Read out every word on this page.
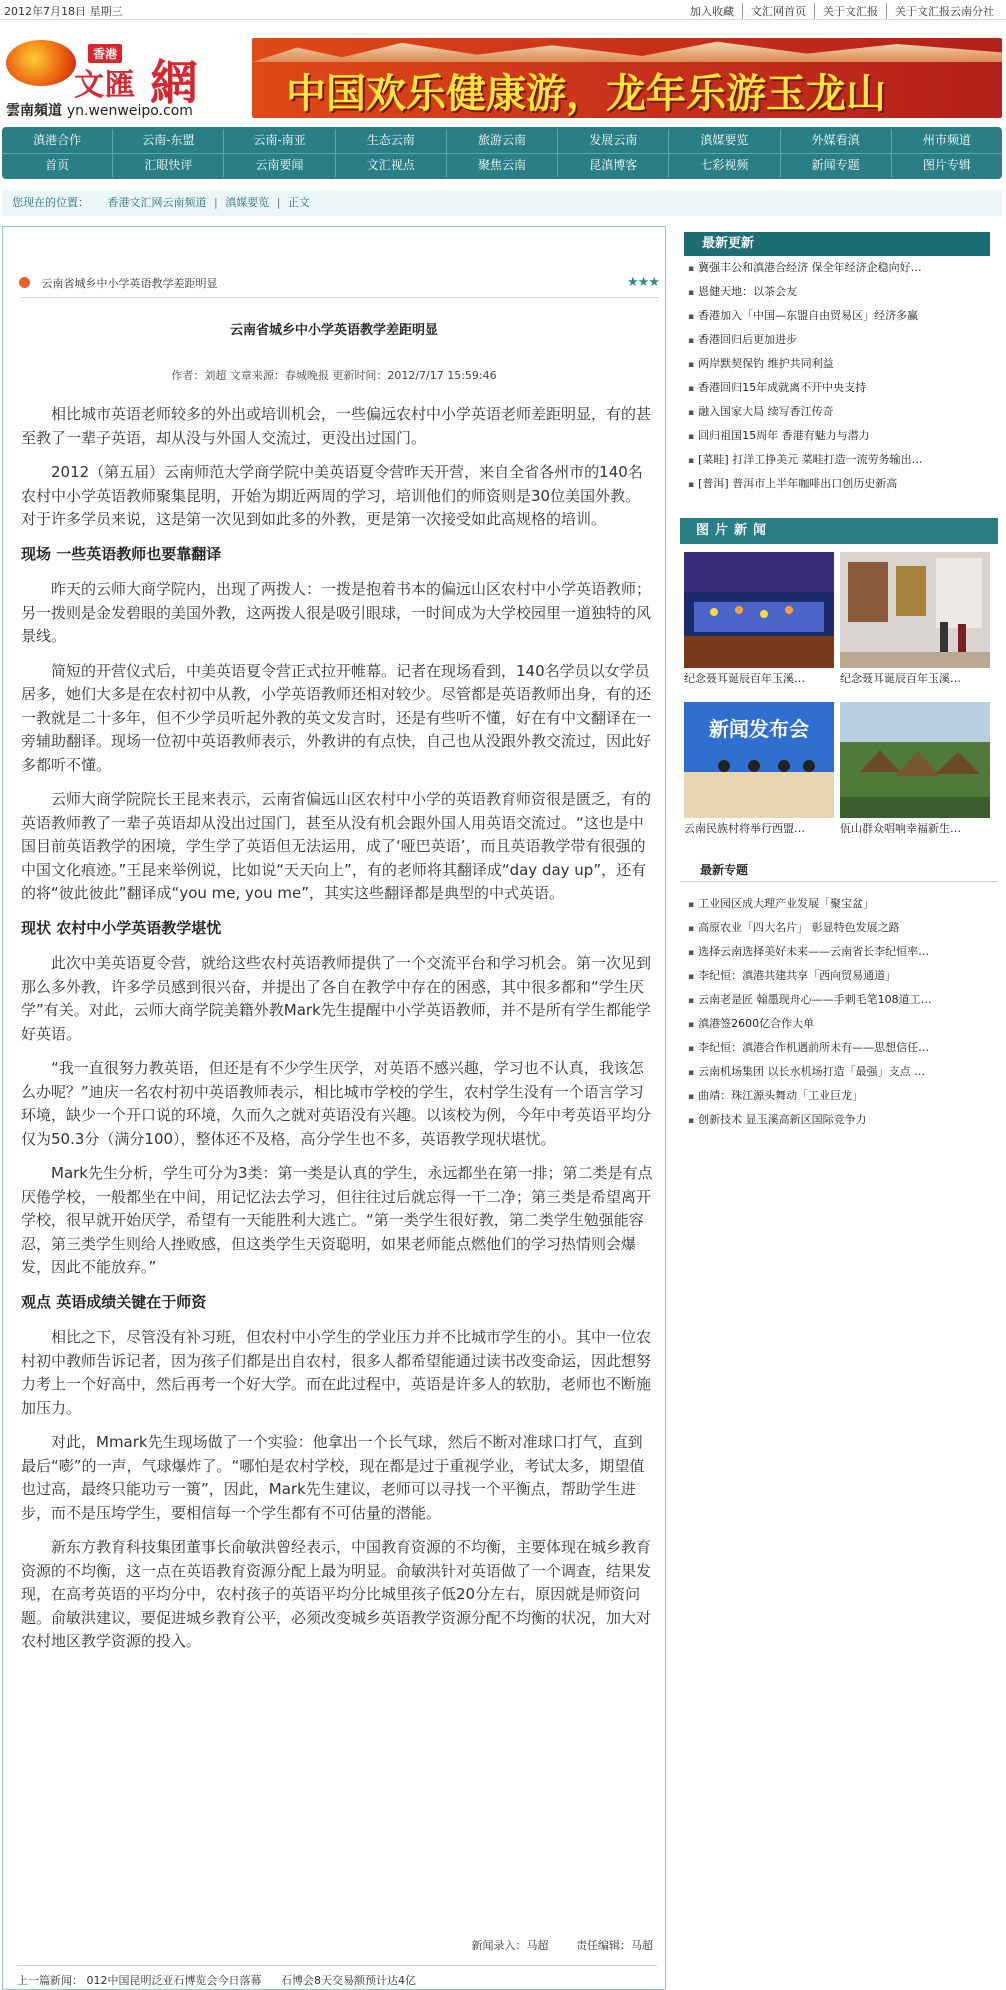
2012年7月18日 星期三	加入收藏	文汇网首页	关于文汇报	关于文汇报云南分社
香港
文匯 網
雲南頻道 yn.wenweipo.com 中国欢乐健康游，龙年乐游玉龙山
滇港合作	云南-东盟	云南-南亚	生态云南	旅游云南	发展云南	滇媒要览	外媒看滇	州市频道
首页	汇眼快评	云南要闻	文汇视点	聚焦云南	昆滇博客	七彩视频	新闻专题	图片专辑
您现在的位置： 香港文汇网云南频道 | 滇媒要览 | 正文
云南省城乡中小学英语教学差距明显	★★★
云南省城乡中小学英语教学差距明显
作者：刘超 文章来源：春城晚报 更新时间：2012/7/17 15:59:46

相比城市英语老师较多的外出或培训机会，一些偏远农村中小学英语老师差距明显，有的甚至教了一辈子英语，却从没与外国人交流过，更没出过国门。

2012（第五届）云南师范大学商学院中美英语夏令营昨天开营，来自全省各州市的140名农村中小学英语教师聚集昆明，开始为期近两周的学习，培训他们的师资则是30位美国外教。对于许多学员来说，这是第一次见到如此多的外教，更是第一次接受如此高规格的培训。

现场 一些英语教师也要靠翻译

昨天的云师大商学院内，出现了两拨人：一拨是抱着书本的偏远山区农村中小学英语教师；另一拨则是金发碧眼的美国外教，这两拨人很是吸引眼球，一时间成为大学校园里一道独特的风景线。

简短的开营仪式后，中美英语夏令营正式拉开帷幕。记者在现场看到，140名学员以女学员居多，她们大多是在农村初中从教，小学英语教师还相对较少。尽管都是英语教师出身，有的还一教就是二十多年，但不少学员听起外教的英文发言时，还是有些听不懂，好在有中文翻译在一旁辅助翻译。现场一位初中英语教师表示，外教讲的有点快，自己也从没跟外教交流过，因此好多都听不懂。

云师大商学院院长王昆来表示，云南省偏远山区农村中小学的英语教育师资很是匮乏，有的英语教师教了一辈子英语却从没出过国门，甚至从没有机会跟外国人用英语交流过。“这也是中国目前英语教学的困境，学生学了英语但无法运用，成了‘哑巴英语’，而且英语教学带有很强的中国文化痕迹。”王昆来举例说，比如说“天天向上”，有的老师将其翻译成“day day up”，还有的将“彼此彼此”翻译成“you me, you me”，其实这些翻译都是典型的中式英语。

现状 农村中小学英语教学堪忧

此次中美英语夏令营，就给这些农村英语教师提供了一个交流平台和学习机会。第一次见到那么多外教，许多学员感到很兴奋，并提出了各自在教学中存在的困惑，其中很多都和“学生厌学”有关。对此，云师大商学院美籍外教Mark先生提醒中小学英语教师，并不是所有学生都能学好英语。

“我一直很努力教英语，但还是有不少学生厌学，对英语不感兴趣，学习也不认真，我该怎么办呢？”迪庆一名农村初中英语教师表示，相比城市学校的学生，农村学生没有一个语言学习环境，缺少一个开口说的环境，久而久之就对英语没有兴趣。以该校为例，今年中考英语平均分仅为50.3分（满分100），整体还不及格，高分学生也不多，英语教学现状堪忧。

Mark先生分析，学生可分为3类：第一类是认真的学生，永远都坐在第一排；第二类是有点厌倦学校，一般都坐在中间，用记忆法去学习，但往往过后就忘得一干二净；第三类是希望离开学校，很早就开始厌学，希望有一天能胜利大逃亡。“第一类学生很好教，第二类学生勉强能容忍，第三类学生则给人挫败感，但这类学生天资聪明，如果老师能点燃他们的学习热情则会爆发，因此不能放弃。”

观点 英语成绩关键在于师资

相比之下，尽管没有补习班，但农村中小学生的学业压力并不比城市学生的小。其中一位农村初中教师告诉记者，因为孩子们都是出自农村，很多人都希望能通过读书改变命运，因此想努力考上一个好高中，然后再考一个好大学。而在此过程中，英语是许多人的软肋，老师也不断施加压力。

对此，Mmark先生现场做了一个实验：他拿出一个长气球，然后不断对准球口打气，直到最后“嘭”的一声，气球爆炸了。“哪怕是农村学校，现在都是过于重视学业，考试太多，期望值也过高，最终只能功亏一篑”，因此，Mark先生建议，老师可以寻找一个平衡点，帮助学生进步，而不是压垮学生，要相信每一个学生都有不可估量的潜能。

新东方教育科技集团董事长俞敏洪曾经表示，中国教育资源的不均衡，主要体现在城乡教育资源的不均衡，这一点在英语教育资源分配上最为明显。俞敏洪针对英语做了一个调查，结果发现，在高考英语的平均分中，农村孩子的英语平均分比城里孩子低20分左右，原因就是师资问题。俞敏洪建议，要促进城乡教育公平，必须改变城乡英语教学资源分配不均衡的状况，加大对农村地区教学资源的投入。

新闻录入：马超	责任编辑：马超
上一篇新闻： 012中国昆明泛亚石博览会今日落幕 石博会8天交易额预计达4亿
最新更新
▪ 冀强丰公和滇港合经济 保全年经济企稳向好…
▪ 恩健天地：以茶会友
▪ 香港加入「中国—东盟自由贸易区」经济多赢
▪ 香港回归后更加进步
▪ 两岸默契保钓 维护共同利益
▪ 香港回归15年成就离不开中央支持
▪ 融入国家大局 续写香江传奇
▪ 回归祖国15周年 香港有魅力与潜力
▪ [菜畦] 打洋工挣美元 菜畦打造一流劳务输出…
▪ [普洱] 普洱市上半年咖啡出口创历史新高
图片新闻
纪念聂耳诞辰百年玉溪…	纪念聂耳诞辰百年玉溪…
新闻发布会
云南民族村将举行西盟…	佤山群众唱响幸福新生…
最新专题
▪ 工业园区成大理产业发展「聚宝盆」
▪ 高原农业「四大名片」 彰显特色发展之路
▪ 选择云南选择美好未来——云南省长李纪恒率…
▪ 李纪恒：滇港共建共享「西向贸易通道」
▪ 云南老是匠 翰墨现舟心——手刺毛笔108道工…
▪ 滇港签2600亿合作大单
▪ 李纪恒：滇港合作机遇前所未有——思想信任…
▪ 云南机场集团 以长水机场打造「最强」支点 …
▪ 曲靖：珠江源头舞动「工业巨龙」
▪ 创新技术 显玉溪高新区国际竞争力
